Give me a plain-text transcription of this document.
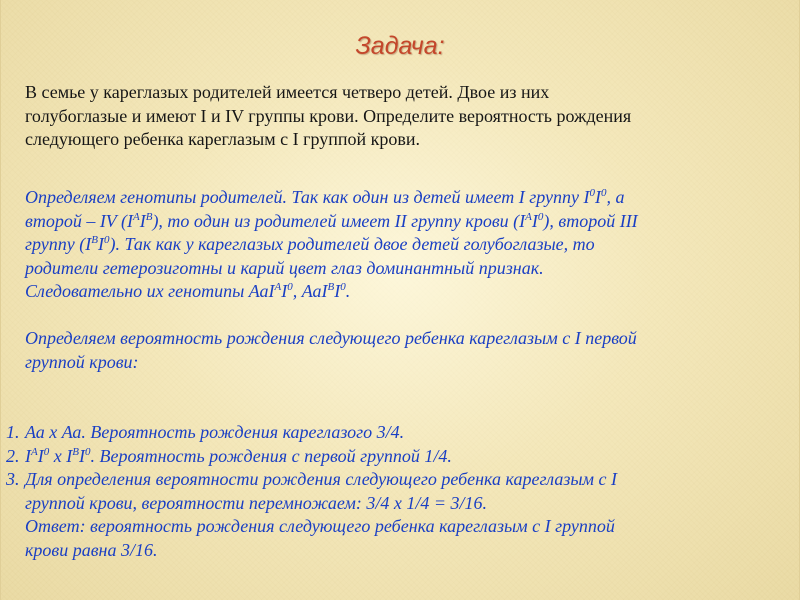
Задача:
В семье у кареглазых родителей имеется четверо детей. Двое из них
голубоглазые и имеют I и IV группы крови. Определите вероятность рождения
следующего ребенка кареглазым с I группой крови.
Определяем генотипы родителей. Так как один из детей имеет I группу $I^0I^0$, а
второй – IV $(I^AI^B)$, то один из родителей имеет II группу крови $(I^AI^0)$, второй III
группу $(I^BI^0)$. Так как у кареглазых родителей двое детей голубоглазые, то
родители гетерозиготны и карий цвет глаз доминантный признак.
Следовательно их генотипы $АаI^AI^0$, $АаI^BI^0$.
Определяем вероятность рождения следующего ребенка кареглазым с I первой
группой крови:
1. Аа х Аа. Вероятность рождения кареглазого 3/4.
2. $I^AI^0$ х $I^BI^0$. Вероятность рождения с первой группой 1/4.
3. Для определения вероятности рождения следующего ребенка кареглазым с I
группой крови, вероятности перемножаем: 3/4 х 1/4 = 3/16.
Ответ: вероятность рождения следующего ребенка кареглазым с I группой
крови равна 3/16.
